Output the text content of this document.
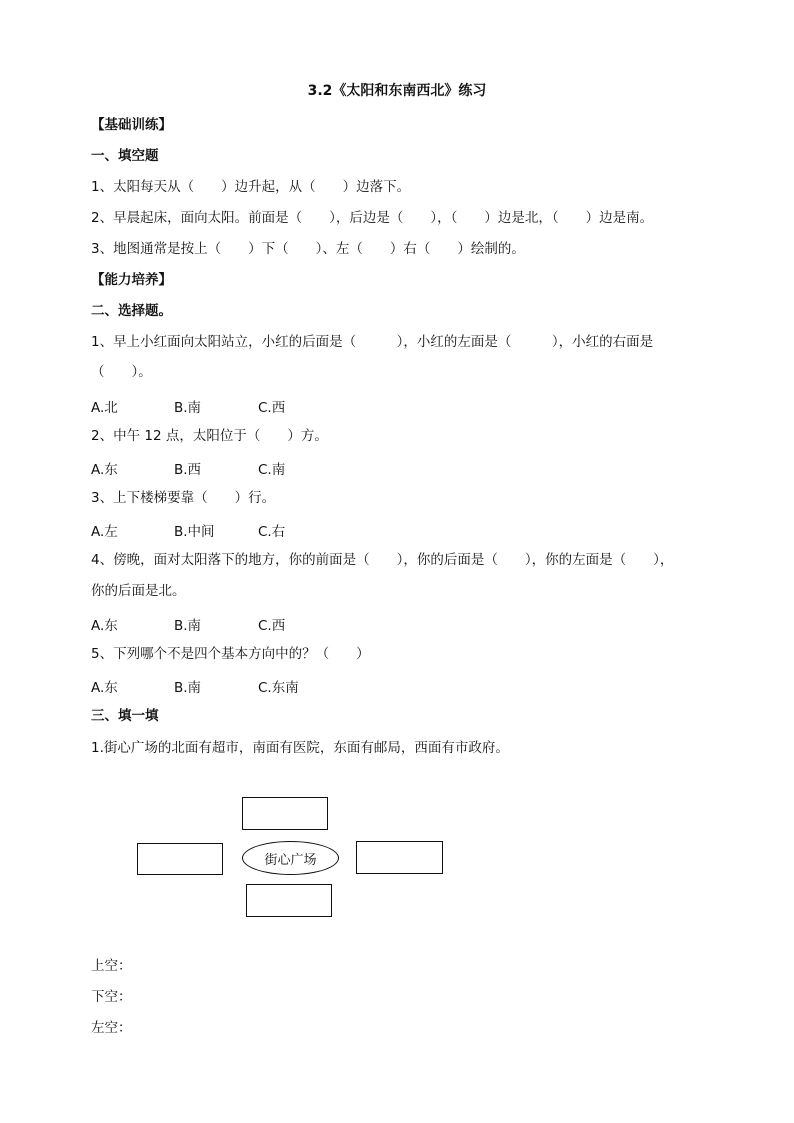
3.2《太阳和东南西北》练习
【基础训练】
一、填空题
1、太阳每天从（　　）边升起，从（　　）边落下。
2、早晨起床，面向太阳。前面是（　　），后边是（　　），（　　）边是北，（　　）边是南。
3、地图通常是按上（　　）下（　　）、左（　　）右（　　）绘制的。
【能力培养】
二、选择题。
1、早上小红面向太阳站立，小红的后面是（　　　），小红的左面是（　　　），小红的右面是
（　　）。
A.北	B.南	C.西
2、中午 12 点，太阳位于（　　）方。
A.东	B.西	C.南
3、上下楼梯要靠（　　）行。
A.左	B.中间	C.右
4、傍晚，面对太阳落下的地方，你的前面是（　　），你的后面是（　　），你的左面是（　　），
你的后面是北。
A.东	B.南	C.西
5、下列哪个不是四个基本方向中的？（　　）
A.东	B.南	C.东南
三、填一填
1.街心广场的北面有超市，南面有医院，东面有邮局，西面有市政府。
街心广场
上空：
下空：
左空：
